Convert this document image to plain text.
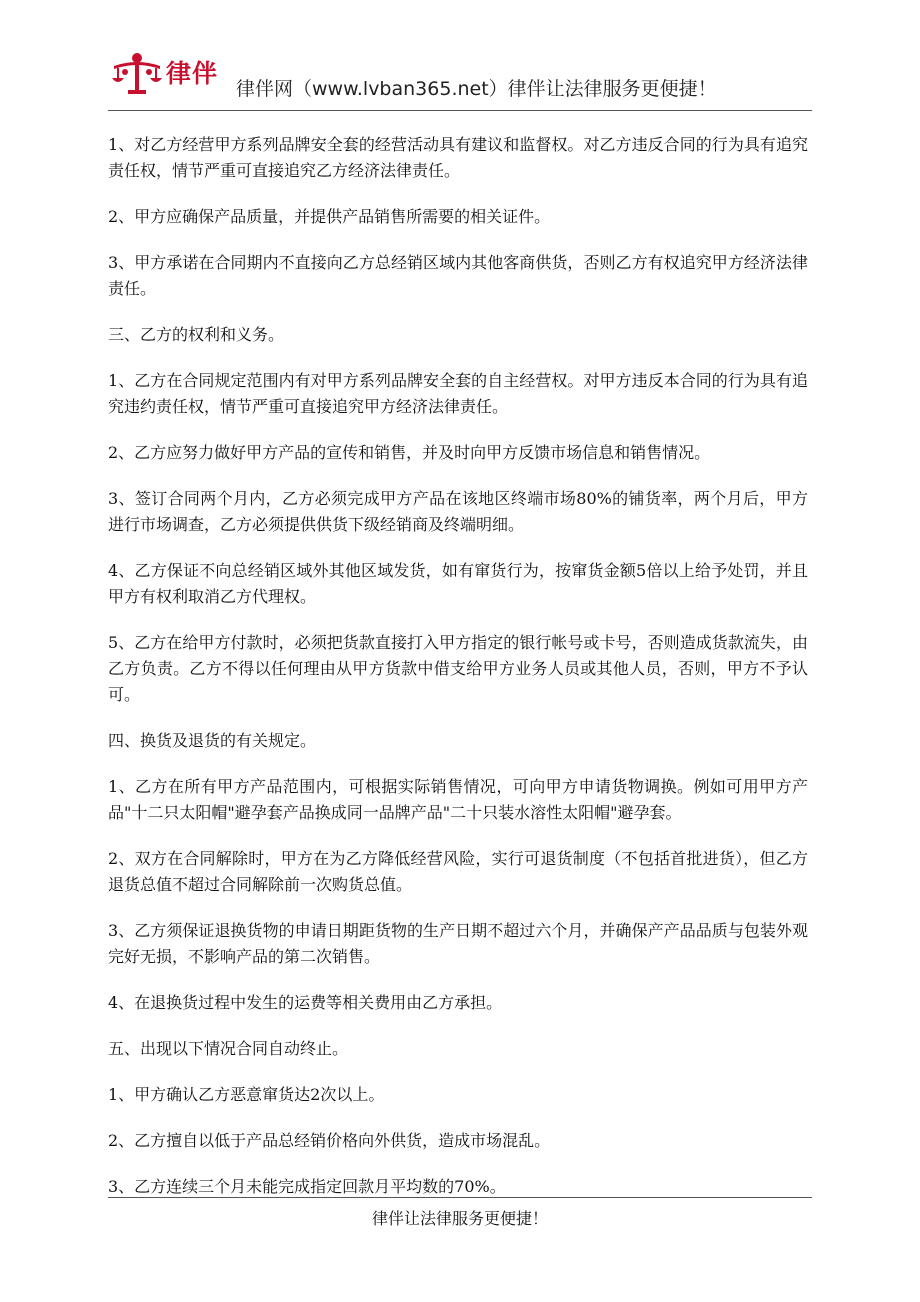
律伴
律伴网（www.lvban365.net）律伴让法律服务更便捷！

1、对乙方经营甲方系列品牌安全套的经营活动具有建议和监督权。对乙方违反合同的行为具有追究责任权，情节严重可直接追究乙方经济法律责任。

2、甲方应确保产品质量，并提供产品销售所需要的相关证件。

3、甲方承诺在合同期内不直接向乙方总经销区域内其他客商供货，否则乙方有权追究甲方经济法律责任。

三、乙方的权利和义务。

1、乙方在合同规定范围内有对甲方系列品牌安全套的自主经营权。对甲方违反本合同的行为具有追究违约责任权，情节严重可直接追究甲方经济法律责任。

2、乙方应努力做好甲方产品的宣传和销售，并及时向甲方反馈市场信息和销售情况。

3、签订合同两个月内，乙方必须完成甲方产品在该地区终端市场80%的铺货率，两个月后，甲方进行市场调查，乙方必须提供供货下级经销商及终端明细。

4、乙方保证不向总经销区域外其他区域发货，如有窜货行为，按窜货金额5倍以上给予处罚，并且甲方有权利取消乙方代理权。

5、乙方在给甲方付款时，必须把货款直接打入甲方指定的银行帐号或卡号，否则造成货款流失，由乙方负责。乙方不得以任何理由从甲方货款中借支给甲方业务人员或其他人员，否则，甲方不予认可。

四、换货及退货的有关规定。

1、乙方在所有甲方产品范围内，可根据实际销售情况，可向甲方申请货物调换。例如可用甲方产品"十二只太阳帽"避孕套产品换成同一品牌产品"二十只装水溶性太阳帽"避孕套。

2、双方在合同解除时，甲方在为乙方降低经营风险，实行可退货制度（不包括首批进货），但乙方退货总值不超过合同解除前一次购货总值。

3、乙方须保证退换货物的申请日期距货物的生产日期不超过六个月，并确保产产品品质与包装外观完好无损，不影响产品的第二次销售。

4、在退换货过程中发生的运费等相关费用由乙方承担。

五、出现以下情况合同自动终止。

1、甲方确认乙方恶意窜货达2次以上。

2、乙方擅自以低于产品总经销价格向外供货，造成市场混乱。

3、乙方连续三个月未能完成指定回款月平均数的70%。

律伴让法律服务更便捷！
